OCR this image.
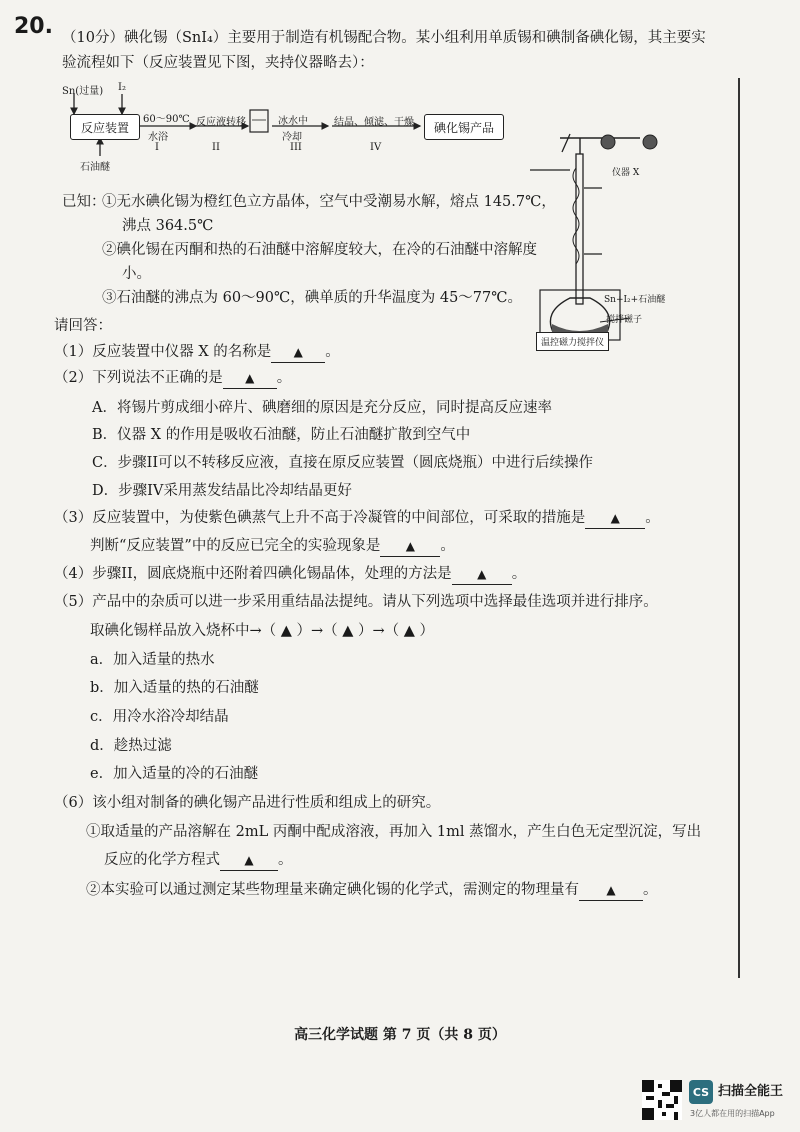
20. （10分）碘化锡（SnI₄）主要用于制造有机锡配合物。某小组利用单质锡和碘制备碘化锡，其主要实
验流程如下（反应装置见下图，夹持仪器略去）：
Sn(过量) I₂
反应装置
石油醚
60～90℃
水浴
I
反应液转移
II
冰水中
冷却
III
结晶、倾滤、干燥
IV
碘化锡产品
仪器 X
Sn+I₂+石油醚
搅拌磁子
温控磁力搅拌仪
已知：
①无水碘化锡为橙红色立方晶体，空气中受潮易水解，熔点 145.7℃，
沸点 364.5℃
②碘化锡在丙酮和热的石油醚中溶解度较大，在冷的石油醚中溶解度
小。
③石油醚的沸点为 60～90℃，碘单质的升华温度为 45～77℃。
请回答：
（1）反应装置中仪器 X 的名称是 ▲ 。
（2）下列说法不正确的是 ▲ 。
A．将锡片剪成细小碎片、碘磨细的原因是充分反应，同时提高反应速率
B．仪器 X 的作用是吸收石油醚，防止石油醚扩散到空气中
C．步骤II可以不转移反应液，直接在原反应装置（圆底烧瓶）中进行后续操作
D．步骤IV采用蒸发结晶比冷却结晶更好
（3）反应装置中，为使紫色碘蒸气上升不高于冷凝管的中间部位，可采取的措施是 ▲ 。
判断“反应装置”中的反应已完全的实验现象是 ▲ 。
（4）步骤II，圆底烧瓶中还附着四碘化锡晶体，处理的方法是 ▲ 。
（5）产品中的杂质可以进一步采用重结晶法提纯。请从下列选项中选择最佳选项并进行排序。
取碘化锡样品放入烧杯中→（ ▲ ）→（ ▲ ）→（ ▲ ）
a．加入适量的热水
b．加入适量的热的石油醚
c．用冷水浴冷却结晶
d．趁热过滤
e．加入适量的冷的石油醚
（6）该小组对制备的碘化锡产品进行性质和组成上的研究。
①取适量的产品溶解在 2mL 丙酮中配成溶液，再加入 1ml 蒸馏水，产生白色无定型沉淀，写出
反应的化学方程式 ▲ 。
②本实验可以通过测定某些物理量来确定碘化锡的化学式，需测定的物理量有 ▲ 。
高三化学试题 第 7 页（共 8 页）
CS 扫描全能王
3亿人都在用的扫描App
